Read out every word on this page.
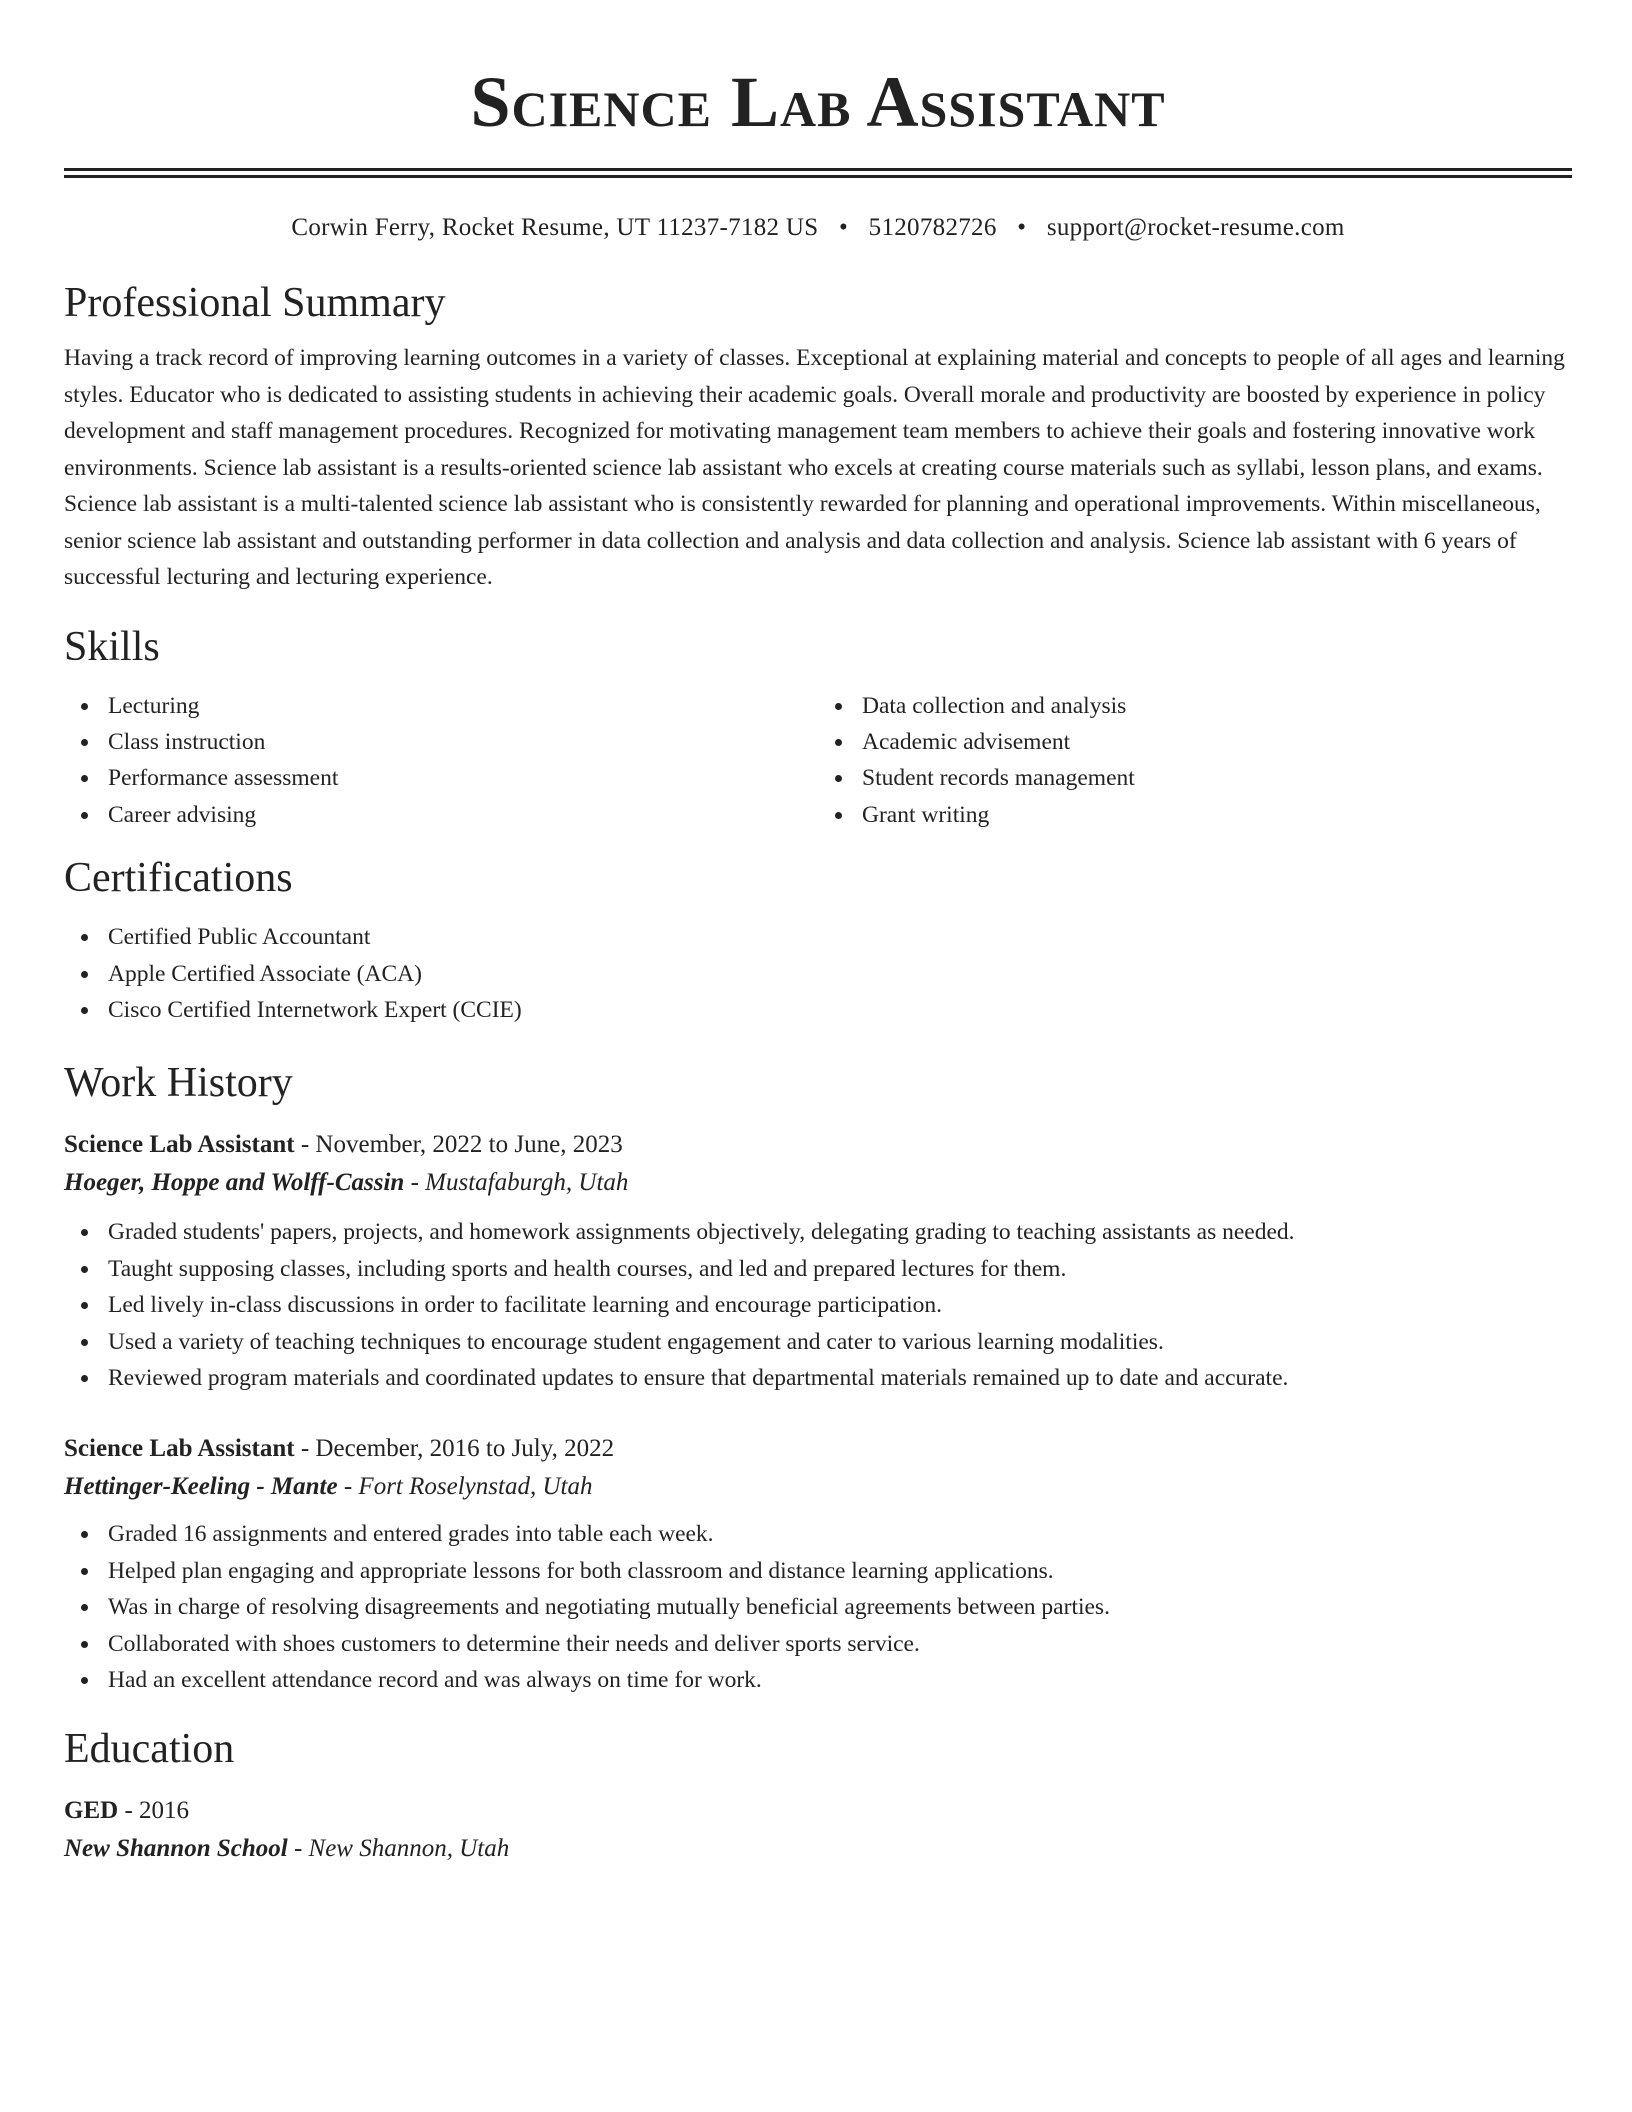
Science Lab Assistant
Corwin Ferry, Rocket Resume, UT 11237-7182 US • 5120782726 • support@rocket-resume.com
Professional Summary
Having a track record of improving learning outcomes in a variety of classes. Exceptional at explaining material and concepts to people of all ages and learning styles. Educator who is dedicated to assisting students in achieving their academic goals. Overall morale and productivity are boosted by experience in policy development and staff management procedures. Recognized for motivating management team members to achieve their goals and fostering innovative work environments. Science lab assistant is a results-oriented science lab assistant who excels at creating course materials such as syllabi, lesson plans, and exams. Science lab assistant is a multi-talented science lab assistant who is consistently rewarded for planning and operational improvements. Within miscellaneous, senior science lab assistant and outstanding performer in data collection and analysis and data collection and analysis. Science lab assistant with 6 years of successful lecturing and lecturing experience.
Skills
Lecturing
Class instruction
Performance assessment
Career advising
Data collection and analysis
Academic advisement
Student records management
Grant writing
Certifications
Certified Public Accountant
Apple Certified Associate (ACA)
Cisco Certified Internetwork Expert (CCIE)
Work History
Science Lab Assistant - November, 2022 to June, 2023
Hoeger, Hoppe and Wolff-Cassin - Mustafaburgh, Utah
Graded students' papers, projects, and homework assignments objectively, delegating grading to teaching assistants as needed.
Taught supposing classes, including sports and health courses, and led and prepared lectures for them.
Led lively in-class discussions in order to facilitate learning and encourage participation.
Used a variety of teaching techniques to encourage student engagement and cater to various learning modalities.
Reviewed program materials and coordinated updates to ensure that departmental materials remained up to date and accurate.
Science Lab Assistant - December, 2016 to July, 2022
Hettinger-Keeling - Mante - Fort Roselynstad, Utah
Graded 16 assignments and entered grades into table each week.
Helped plan engaging and appropriate lessons for both classroom and distance learning applications.
Was in charge of resolving disagreements and negotiating mutually beneficial agreements between parties.
Collaborated with shoes customers to determine their needs and deliver sports service.
Had an excellent attendance record and was always on time for work.
Education
GED - 2016
New Shannon School - New Shannon, Utah
